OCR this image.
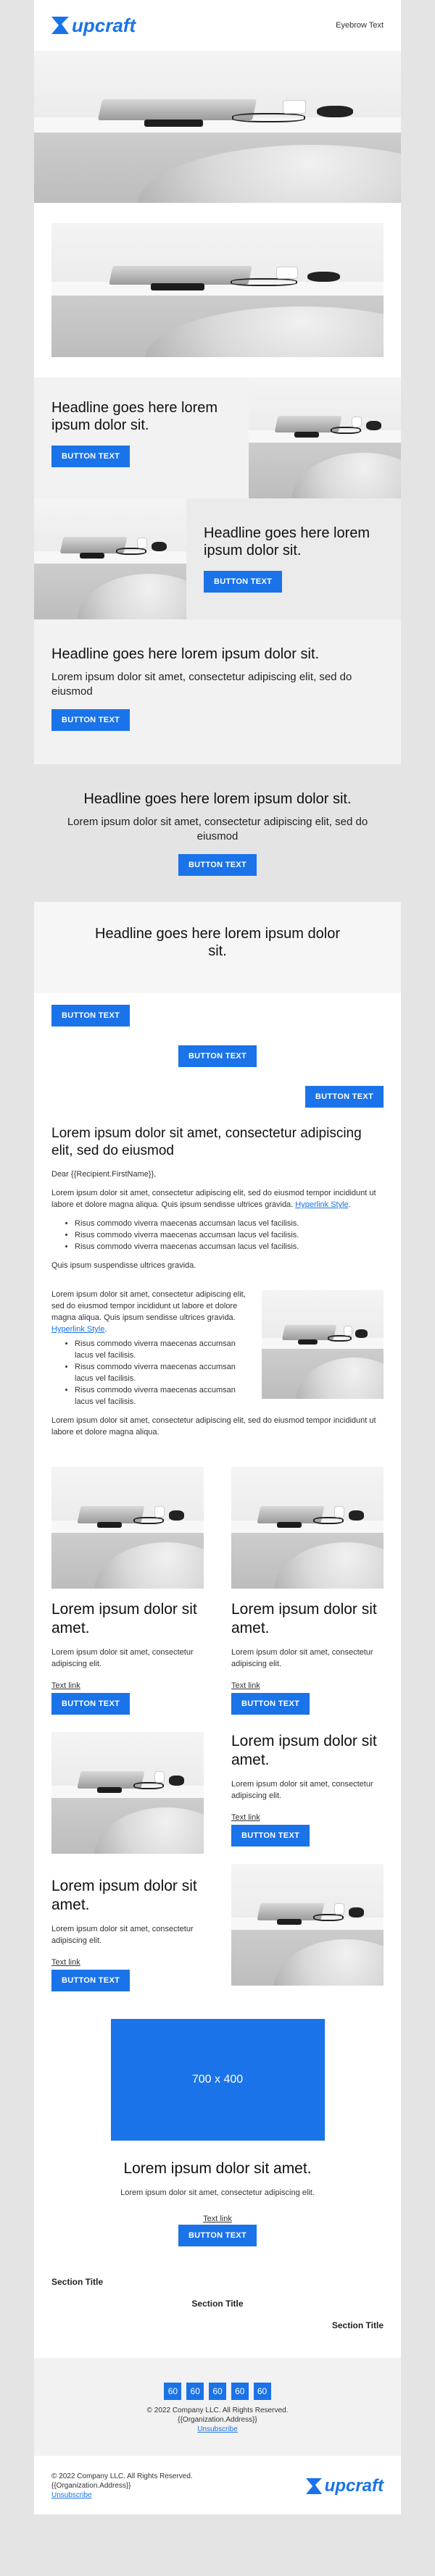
upcraft	Eyebrow Text
Headline goes here lorem ipsum dolor sit.
BUTTON TEXT
Headline goes here lorem ipsum dolor sit.
BUTTON TEXT
Headline goes here lorem ipsum dolor sit.
Lorem ipsum dolor sit amet, consectetur adipiscing elit, sed do eiusmod
BUTTON TEXT
Headline goes here lorem ipsum dolor sit.
Lorem ipsum dolor sit amet, consectetur adipiscing elit, sed do eiusmod
BUTTON TEXT
Headline goes here lorem ipsum dolor sit.
BUTTON TEXT
BUTTON TEXT
BUTTON TEXT
Lorem ipsum dolor sit amet, consectetur adipiscing elit, sed do eiusmod
Dear {{Recipient.FirstName}},
Lorem ipsum dolor sit amet, consectetur adipiscing elit, sed do eiusmod tempor incididunt ut labore et dolore magna aliqua. Quis ipsum sendisse ultrices gravida. Hyperlink Style.
• Risus commodo viverra maecenas accumsan lacus vel facilisis.
• Risus commodo viverra maecenas accumsan lacus vel facilisis.
• Risus commodo viverra maecenas accumsan lacus vel facilisis.
Quis ipsum suspendisse ultrices gravida.
Lorem ipsum dolor sit amet, consectetur adipiscing elit, sed do eiusmod tempor incididunt ut labore et dolore magna aliqua. Quis ipsum sendisse ultrices gravida. Hyperlink Style.
• Risus commodo viverra maecenas accumsan lacus vel facilisis.
• Risus commodo viverra maecenas accumsan lacus vel facilisis.
• Risus commodo viverra maecenas accumsan lacus vel facilisis.
Lorem ipsum dolor sit amet, consectetur adipiscing elit, sed do eiusmod tempor incididunt ut labore et dolore magna aliqua.
Lorem ipsum dolor sit amet.
Lorem ipsum dolor sit amet, consectetur adipiscing elit.
Text link
BUTTON TEXT
Lorem ipsum dolor sit amet.
Lorem ipsum dolor sit amet, consectetur adipiscing elit.
Text link
BUTTON TEXT
Lorem ipsum dolor sit amet.
Lorem ipsum dolor sit amet, consectetur adipiscing elit.
Text link
BUTTON TEXT
Lorem ipsum dolor sit amet.
Lorem ipsum dolor sit amet, consectetur adipiscing elit.
Text link
BUTTON TEXT
700 x 400
Lorem ipsum dolor sit amet.
Lorem ipsum dolor sit amet, consectetur adipiscing elit.
Text link
BUTTON TEXT
Section Title
Section Title
Section Title
60 60 60 60 60
© 2022 Company LLC. All Rights Reserved.
{{Organization.Address}}
Unsubscribe
© 2022 Company LLC. All Rights Reserved.
{{Organization.Address}}
Unsubscribe	upcraft
